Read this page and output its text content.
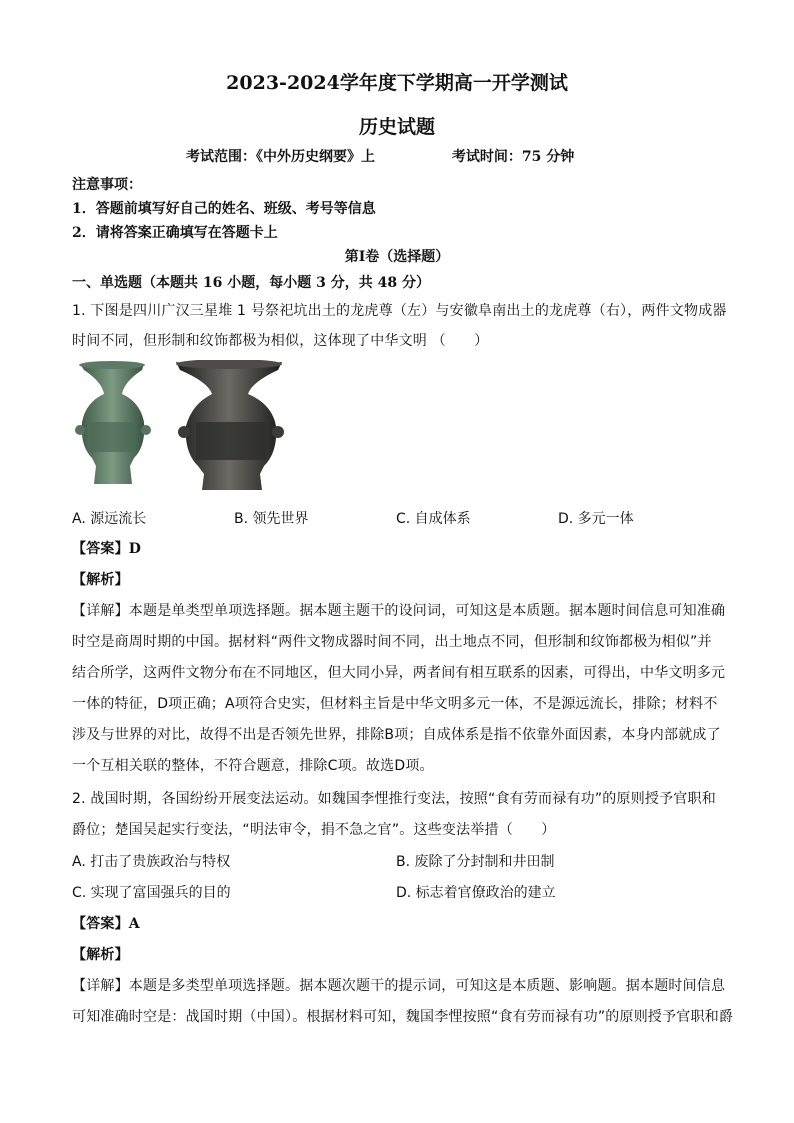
2023-2024学年度下学期高一开学测试
历史试题
考试范围：《中外历史纲要》上	考试时间：75 分钟
注意事项：
1．答题前填写好自己的姓名、班级、考号等信息
2．请将答案正确填写在答题卡上
第Ⅰ卷（选择题）
一、单选题（本题共 16 小题，每小题 3 分，共 48 分）
1. 下图是四川广汉三星堆 1 号祭祀坑出土的龙虎尊（左）与安徽阜南出土的龙虎尊（右），两件文物成器
时间不同，但形制和纹饰都极为相似，这体现了中华文明 （　　）
A. 源远流长	B. 领先世界	C. 自成体系	D. 多元一体
【答案】D
【解析】
【详解】本题是单类型单项选择题。据本题主题干的设问词，可知这是本质题。据本题时间信息可知准确
时空是商周时期的中国。据材料“两件文物成器时间不同，出土地点不同，但形制和纹饰都极为相似”并
结合所学，这两件文物分布在不同地区，但大同小异，两者间有相互联系的因素，可得出，中华文明多元
一体的特征，D项正确；A项符合史实，但材料主旨是中华文明多元一体，不是源远流长，排除；材料不
涉及与世界的对比，故得不出是否领先世界，排除B项；自成体系是指不依靠外面因素，本身内部就成了
一个互相关联的整体，不符合题意，排除C项。故选D项。
2. 战国时期，各国纷纷开展变法运动。如魏国李悝推行变法，按照“食有劳而禄有功”的原则授予官职和
爵位；楚国吴起实行变法，“明法审令，捐不急之官”。这些变法举措（　　）
A. 打击了贵族政治与特权	B. 废除了分封制和井田制
C. 实现了富国强兵的目的	D. 标志着官僚政治的建立
【答案】A
【解析】
【详解】本题是多类型单项选择题。据本题次题干的提示词，可知这是本质题、影响题。据本题时间信息
可知准确时空是：战国时期（中国）。根据材料可知，魏国李悝按照“食有劳而禄有功”的原则授予官职和爵
